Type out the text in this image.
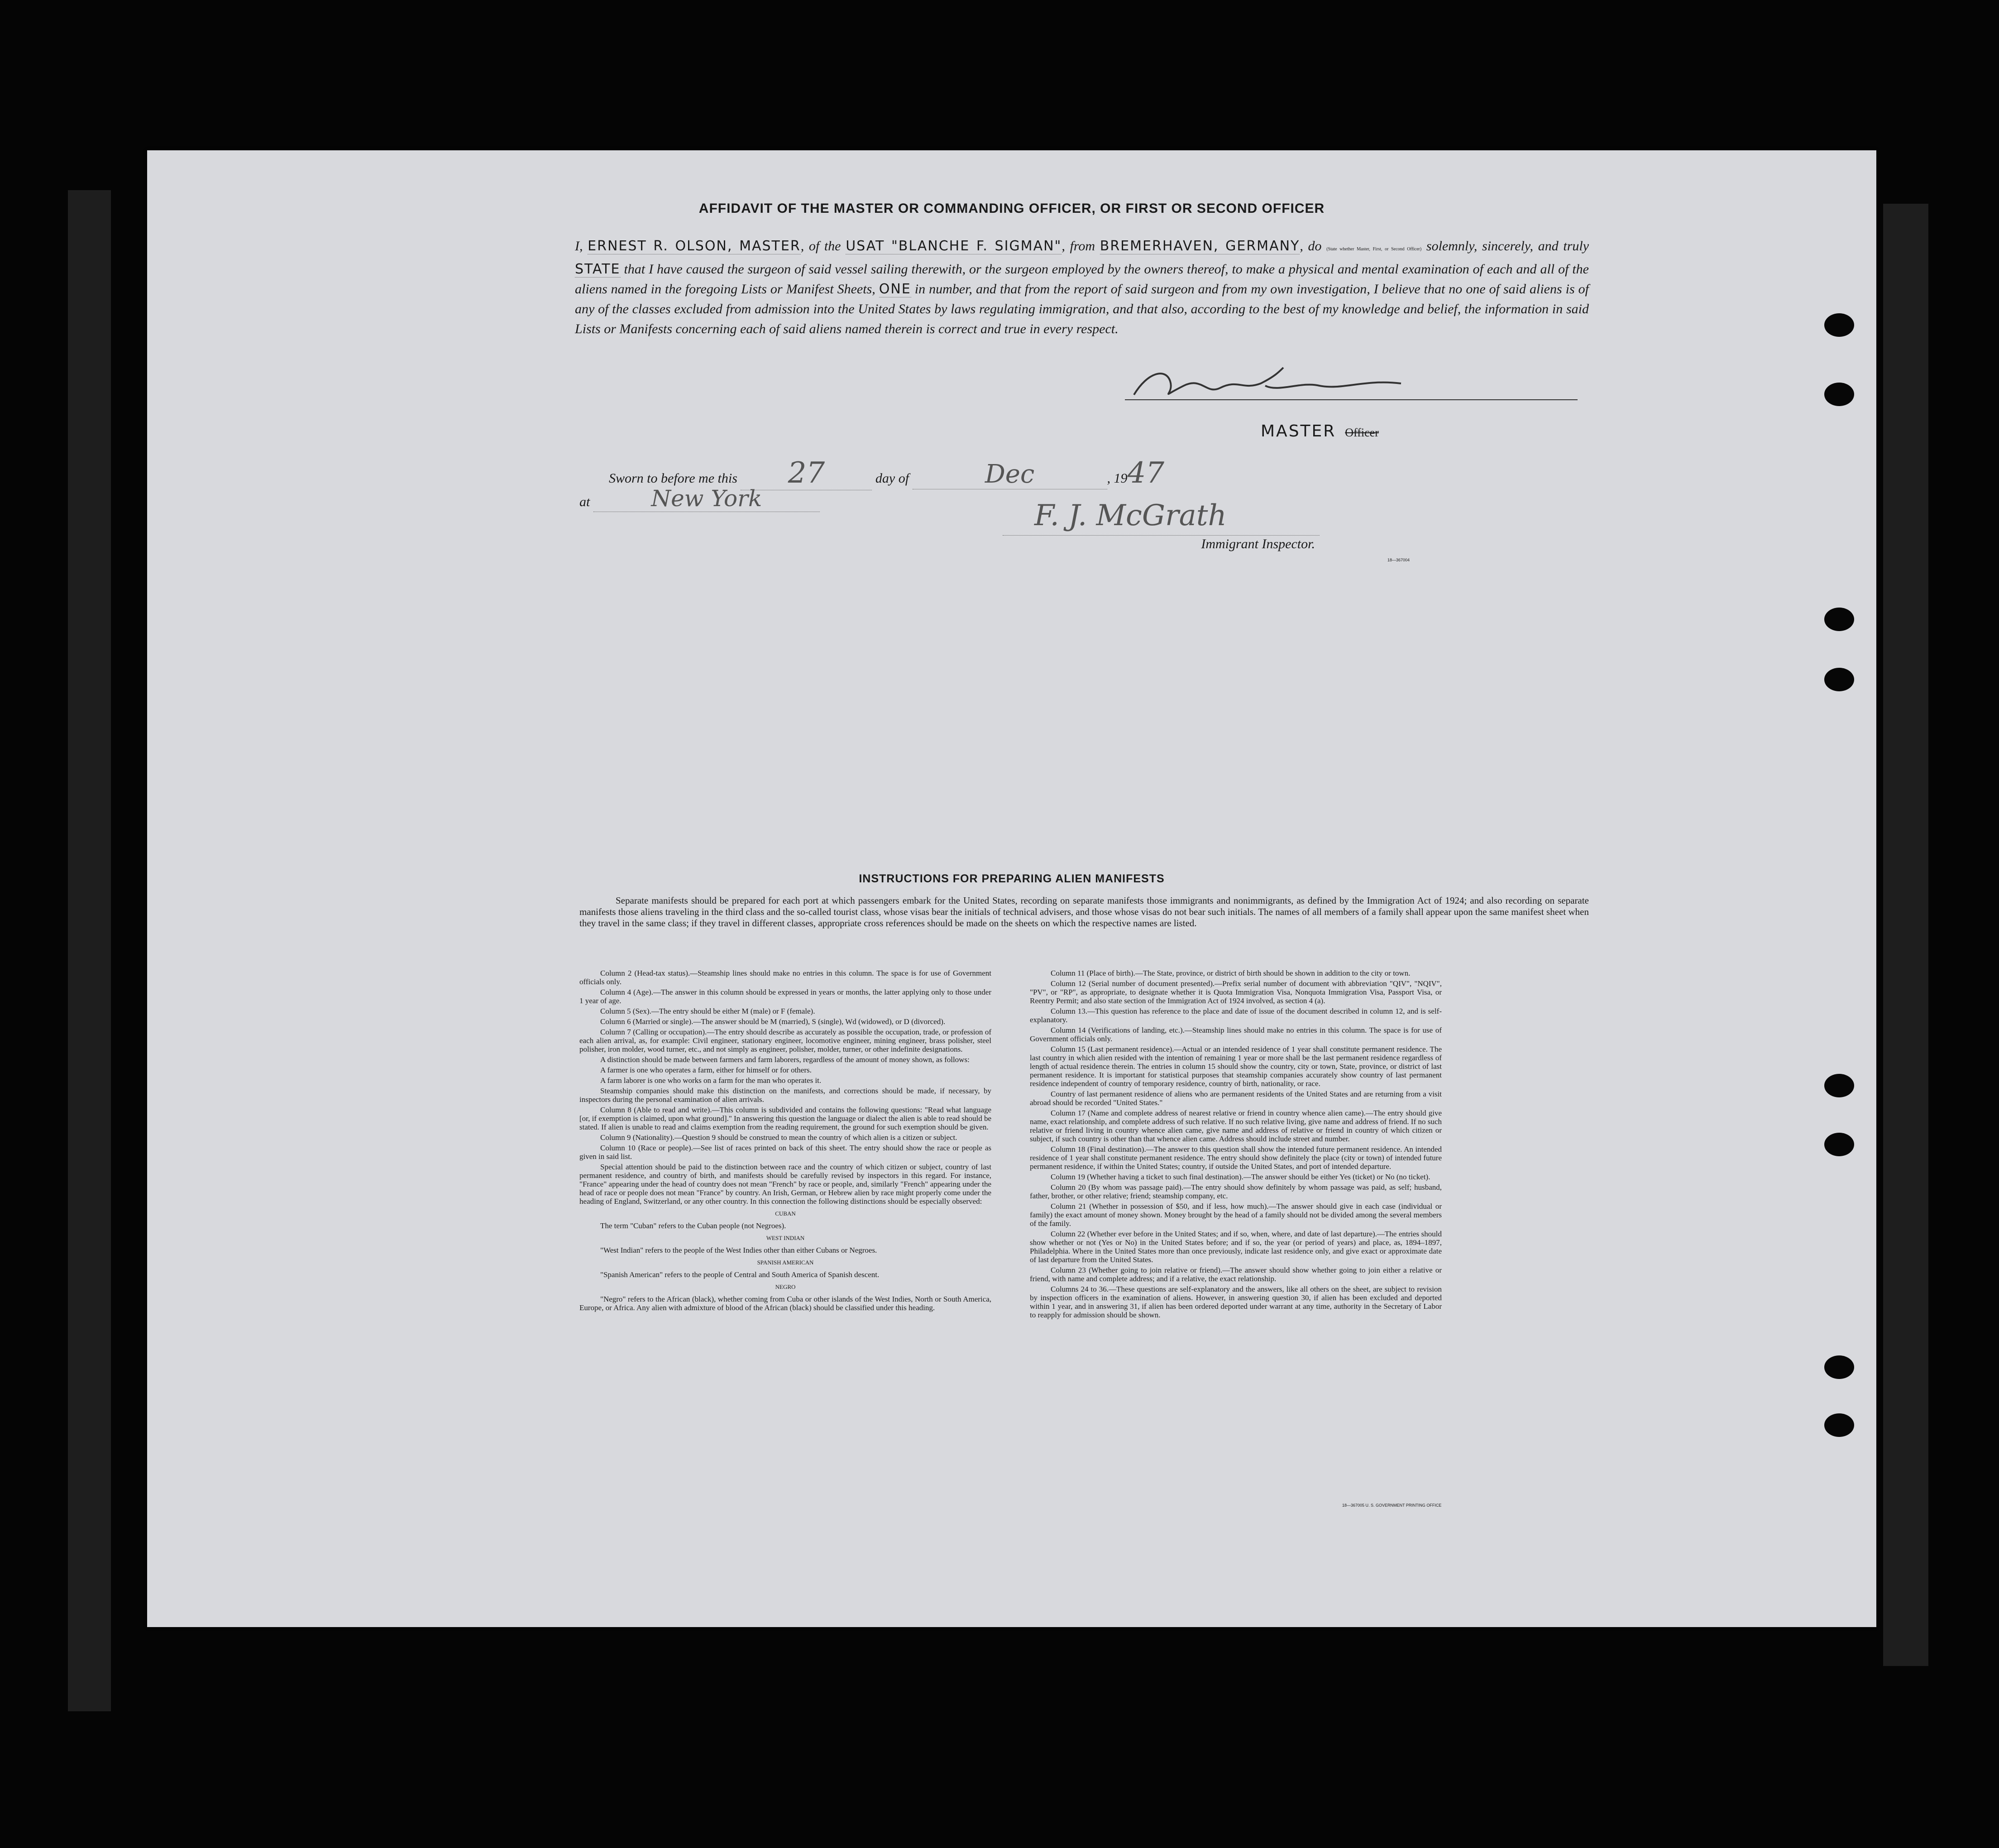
AFFIDAVIT OF THE MASTER OR COMMANDING OFFICER, OR FIRST OR SECOND OFFICER
I, ERNEST R. OLSON, MASTER, of the USAT "BLANCHE F. SIGMAN", from BREMERHAVEN, GERMANY, do (State whether Master, First, or Second Officer) solemnly, sincerely, and truly STATE that I have caused the surgeon of said vessel sailing therewith, or the surgeon employed by the owners thereof, to make a physical and mental examination of each and all of the aliens named in the foregoing Lists or Manifest Sheets, ONE in number, and that from the report of said surgeon and from my own investigation, I believe that no one of said aliens is of any of the classes excluded from admission into the United States by laws regulating immigration, and that also, according to the best of my knowledge and belief, the information in said Lists or Manifests concerning each of said aliens named therein is correct and true in every respect.
MASTER Officer
Sworn to before me this 27	day of	Dec	, 1947
at	New York
F. J. McGrath
Immigrant Inspector.
18—367004
INSTRUCTIONS FOR PREPARING ALIEN MANIFESTS
Separate manifests should be prepared for each port at which passengers embark for the United States, recording on separate manifests those immigrants and nonimmigrants, as defined by the Immigration Act of 1924; and also recording on separate manifests those aliens traveling in the third class and the so-called tourist class, whose visas bear the initials of technical advisers, and those whose visas do not bear such initials. The names of all members of a family shall appear upon the same manifest sheet when they travel in the same class; if they travel in different classes, appropriate cross references should be made on the sheets on which the respective names are listed.

Column 2 (Head-tax status).—Steamship lines should make no entries in this column. The space is for use of Government officials only.

Column 4 (Age).—The answer in this column should be expressed in years or months, the latter applying only to those under 1 year of age.

Column 5 (Sex).—The entry should be either M (male) or F (female).

Column 6 (Married or single).—The answer should be M (married), S (single), Wd (widowed), or D (divorced).

Column 7 (Calling or occupation).—The entry should describe as accurately as possible the occupation, trade, or profession of each alien arrival, as, for example: Civil engineer, stationary engineer, locomotive engineer, mining engineer, brass polisher, steel polisher, iron molder, wood turner, etc., and not simply as engineer, polisher, molder, turner, or other indefinite designations.

A distinction should be made between farmers and farm laborers, regardless of the amount of money shown, as follows:

A farmer is one who operates a farm, either for himself or for others.

A farm laborer is one who works on a farm for the man who operates it.

Steamship companies should make this distinction on the manifests, and corrections should be made, if necessary, by inspectors during the personal examination of alien arrivals.

Column 8 (Able to read and write).—This column is subdivided and contains the following questions: "Read what language [or, if exemption is claimed, upon what ground]." In answering this question the language or dialect the alien is able to read should be stated. If alien is unable to read and claims exemption from the reading requirement, the ground for such exemption should be given.

Column 9 (Nationality).—Question 9 should be construed to mean the country of which alien is a citizen or subject.

Column 10 (Race or people).—See list of races printed on back of this sheet. The entry should show the race or people as given in said list.

Special attention should be paid to the distinction between race and the country of which citizen or subject, country of last permanent residence, and country of birth, and manifests should be carefully revised by inspectors in this regard. For instance, "France" appearing under the head of country does not mean "French" by race or people, and, similarly "French" appearing under the head of race or people does not mean "France" by country. An Irish, German, or Hebrew alien by race might properly come under the heading of England, Switzerland, or any other country. In this connection the following distinctions should be especially observed:

CUBAN

The term "Cuban" refers to the Cuban people (not Negroes).

WEST INDIAN

"West Indian" refers to the people of the West Indies other than either Cubans or Negroes.

SPANISH AMERICAN

"Spanish American" refers to the people of Central and South America of Spanish descent.

NEGRO

"Negro" refers to the African (black), whether coming from Cuba or other islands of the West Indies, North or South America, Europe, or Africa. Any alien with admixture of blood of the African (black) should be classified under this heading.

Column 11 (Place of birth).—The State, province, or district of birth should be shown in addition to the city or town.

Column 12 (Serial number of document presented).—Prefix serial number of document with abbreviation "QIV", "NQIV", "PV", or "RP", as appropriate, to designate whether it is Quota Immigration Visa, Nonquota Immigration Visa, Passport Visa, or Reentry Permit; and also state section of the Immigration Act of 1924 involved, as section 4 (a).

Column 13.—This question has reference to the place and date of issue of the document described in column 12, and is self-explanatory.

Column 14 (Verifications of landing, etc.).—Steamship lines should make no entries in this column. The space is for use of Government officials only.

Column 15 (Last permanent residence).—Actual or an intended residence of 1 year shall constitute permanent residence. The last country in which alien resided with the intention of remaining 1 year or more shall be the last permanent residence regardless of length of actual residence therein. The entries in column 15 should show the country, city or town, State, province, or district of last permanent residence. It is important for statistical purposes that steamship companies accurately show country of last permanent residence independent of country of temporary residence, country of birth, nationality, or race.

Country of last permanent residence of aliens who are permanent residents of the United States and are returning from a visit abroad should be recorded "United States."

Column 17 (Name and complete address of nearest relative or friend in country whence alien came).—The entry should give name, exact relationship, and complete address of such relative. If no such relative living, give name and address of friend. If no such relative or friend living in country whence alien came, give name and address of relative or friend in country of which citizen or subject, if such country is other than that whence alien came. Address should include street and number.

Column 18 (Final destination).—The answer to this question shall show the intended future permanent residence. An intended residence of 1 year shall constitute permanent residence. The entry should show definitely the place (city or town) of intended future permanent residence, if within the United States; country, if outside the United States, and port of intended departure.

Column 19 (Whether having a ticket to such final destination).—The answer should be either Yes (ticket) or No (no ticket).

Column 20 (By whom was passage paid).—The entry should show definitely by whom passage was paid, as self; husband, father, brother, or other relative; friend; steamship company, etc.

Column 21 (Whether in possession of $50, and if less, how much).—The answer should give in each case (individual or family) the exact amount of money shown. Money brought by the head of a family should not be divided among the several members of the family.

Column 22 (Whether ever before in the United States; and if so, when, where, and date of last departure).—The entries should show whether or not (Yes or No) in the United States before; and if so, the year (or period of years) and place, as, 1894–1897, Philadelphia. Where in the United States more than once previously, indicate last residence only, and give exact or approximate date of last departure from the United States.

Column 23 (Whether going to join relative or friend).—The answer should show whether going to join either a relative or friend, with name and complete address; and if a relative, the exact relationship.

Columns 24 to 36.—These questions are self-explanatory and the answers, like all others on the sheet, are subject to revision by inspection officers in the examination of aliens. However, in answering question 30, if alien has been excluded and deported within 1 year, and in answering 31, if alien has been ordered deported under warrant at any time, authority in the Secretary of Labor to reapply for admission should be shown.

18—367005 U. S. GOVERNMENT PRINTING OFFICE
